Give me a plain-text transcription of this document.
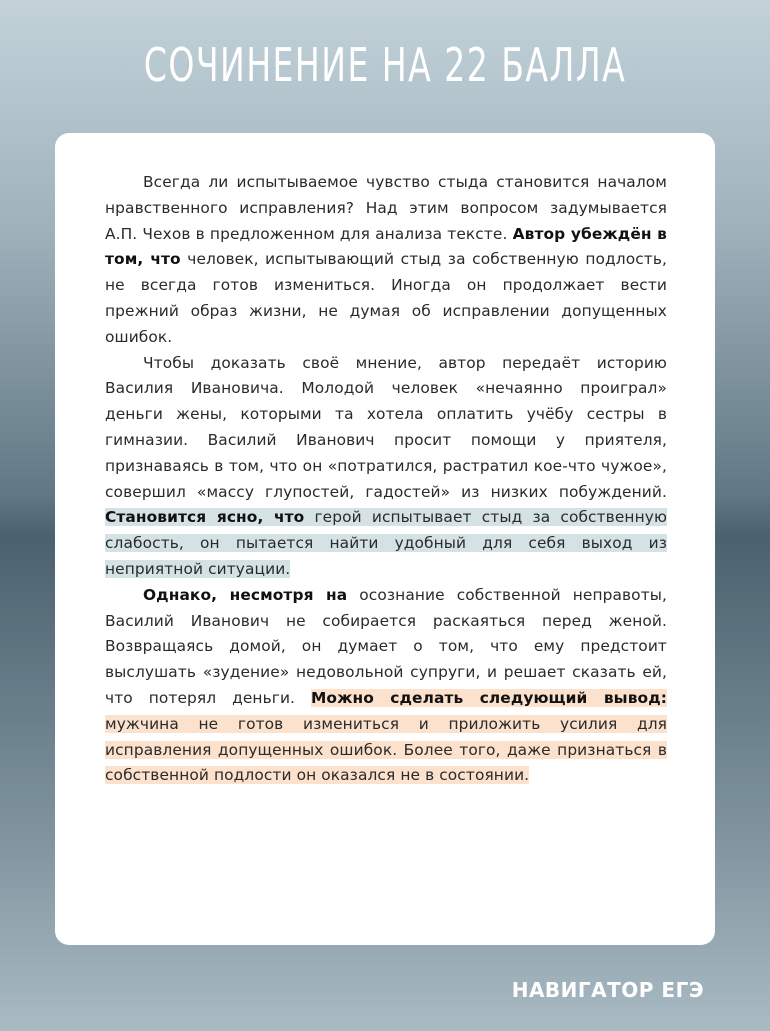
СОЧИНЕНИЕ НА 22 БАЛЛА

Всегда ли испытываемое чувство стыда становится началом нравственного исправления? Над этим вопросом задумывается А.П. Чехов в предложенном для анализа тексте. Автор убеждён в том, что человек, испытывающий стыд за собственную подлость, не всегда готов измениться. Иногда он продолжает вести прежний образ жизни, не думая об исправлении допущенных ошибок.

Чтобы доказать своё мнение, автор передаёт историю Василия Ивановича. Молодой человек «нечаянно проиграл» деньги жены, которыми та хотела оплатить учёбу сестры в гимназии. Василий Иванович просит помощи у приятеля, признаваясь в том, что он «потратился, растратил кое-что чужое», совершил «массу глупостей, гадостей» из низких побуждений. Становится ясно, что герой испытывает стыд за собственную слабость, он пытается найти удобный для себя выход из неприятной ситуации.

Однако, несмотря на осознание собственной неправоты, Василий Иванович не собирается раскаяться перед женой. Возвращаясь домой, он думает о том, что ему предстоит выслушать «зудение» недовольной супруги, и решает сказать ей, что потерял деньги. Можно сделать следующий вывод: мужчина не готов измениться и приложить усилия для исправления допущенных ошибок. Более того, даже признаться в собственной подлости он оказался не в состоянии.

НАВИГАТОР ЕГЭ
